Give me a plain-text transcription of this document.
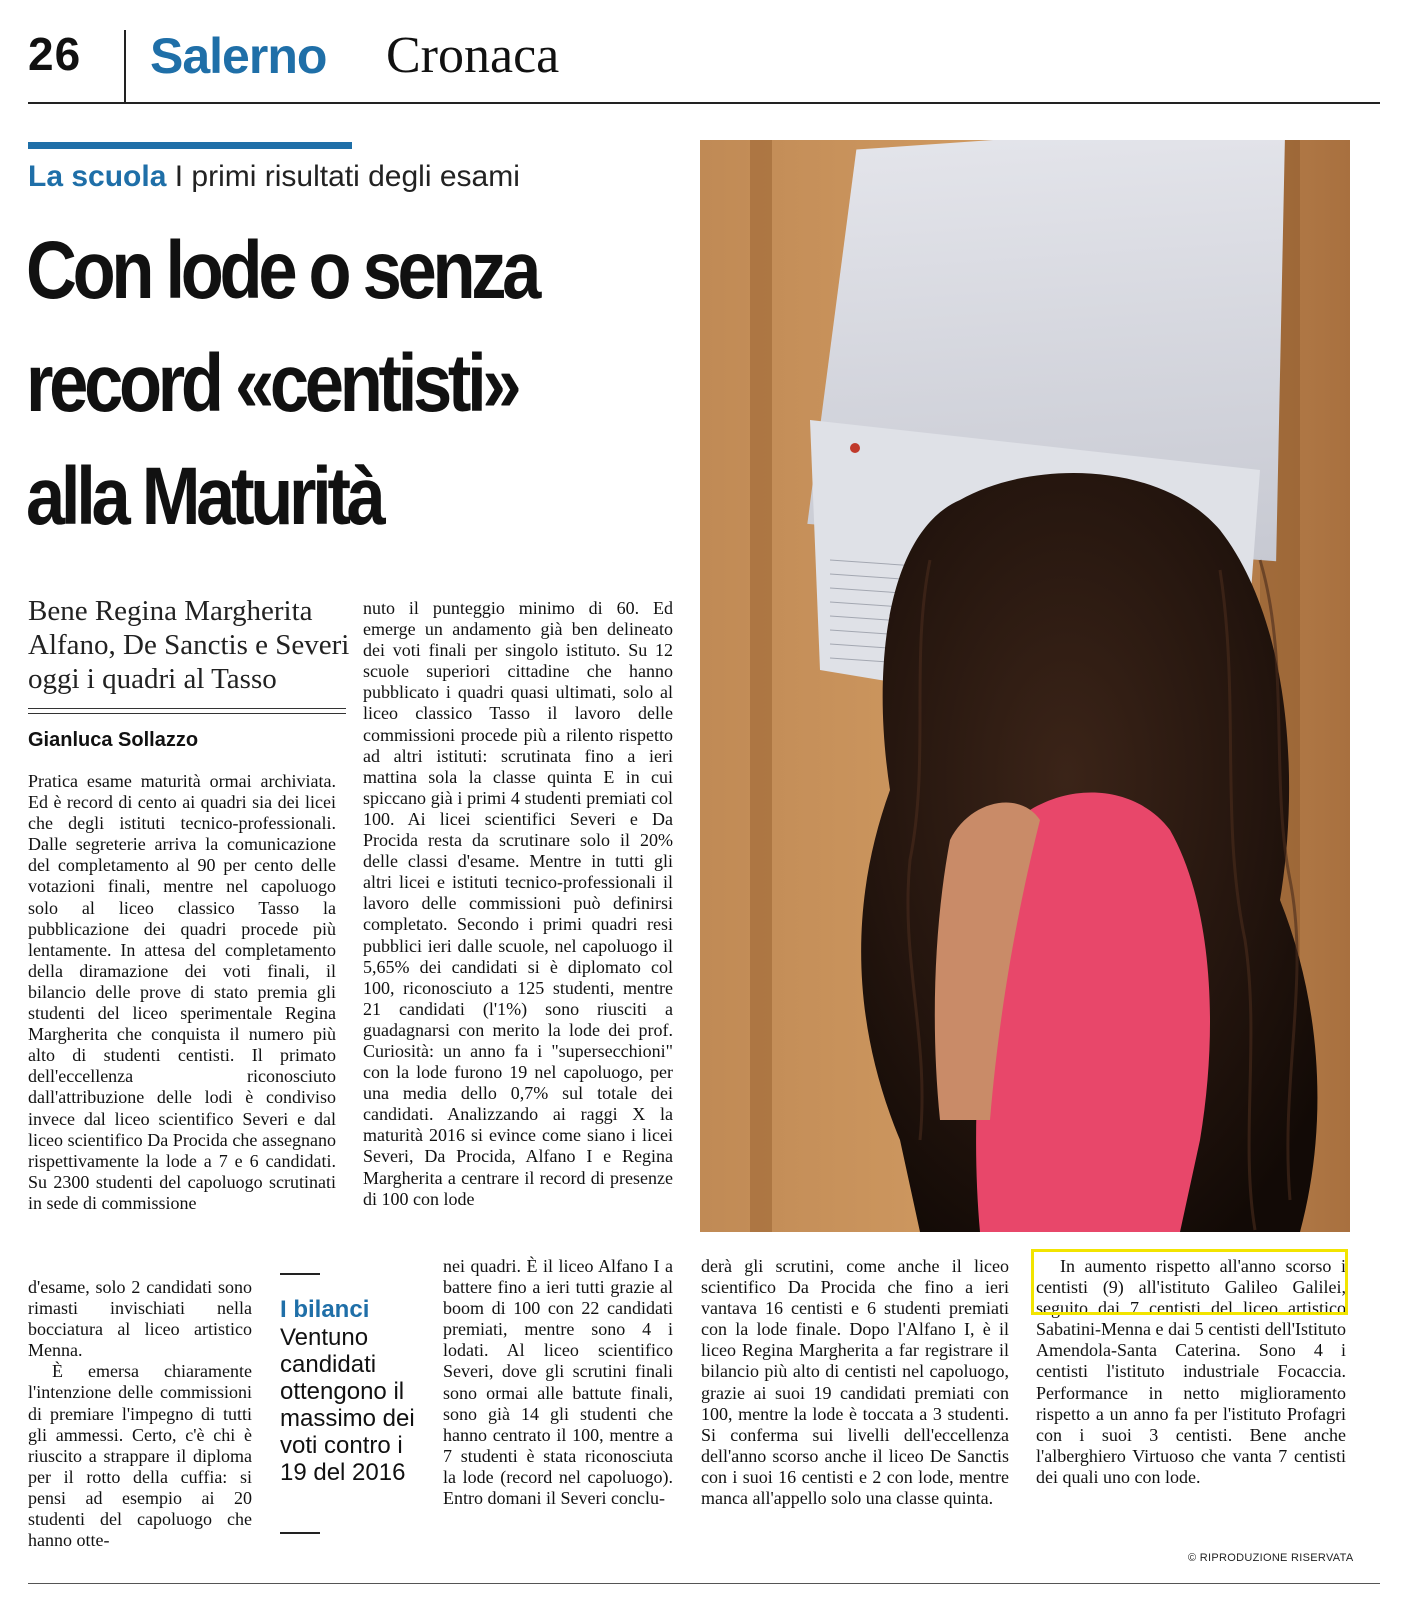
26 Salerno Cronaca
La scuola I primi risultati degli esami
Con lode o senza
record «centisti»
alla Maturità
Bene Regina Margherita
Alfano, De Sanctis e Severi
oggi i quadri al Tasso
Gianluca Sollazzo

Pratica esame maturità ormai archiviata. Ed è record di cento ai quadri sia dei licei che degli istituti tecnico-professionali. Dalle segreterie arriva la comunicazione del completamento al 90 per cento delle votazioni finali, mentre nel capoluogo solo al liceo classico Tasso la pubblicazione dei quadri procede più lentamente. In attesa del completamento della diramazione dei voti finali, il bilancio delle prove di stato premia gli studenti del liceo sperimentale Regina Margherita che conquista il numero più alto di studenti centisti. Il primato dell'eccellenza riconosciuto dall'attribuzione delle lodi è condiviso invece dal liceo scientifico Severi e dal liceo scientifico Da Procida che assegnano rispettivamente la lode a 7 e 6 candidati. Su 2300 studenti del capoluogo scrutinati in sede di commissione

d'esame, solo 2 candidati sono rimasti invischiati nella bocciatura al liceo artistico Menna.

È emersa chiaramente l'intenzione delle commissioni di premiare l'impegno di tutti gli ammessi. Certo, c'è chi è riuscito a strappare il diploma per il rotto della cuffia: si pensi ad esempio ai 20 studenti del capoluogo che hanno otte-

I bilanci
Ventuno candidati ottengono il massimo dei voti contro i 19 del 2016

nuto il punteggio minimo di 60. Ed emerge un andamento già ben delineato dei voti finali per singolo istituto. Su 12 scuole superiori cittadine che hanno pubblicato i quadri quasi ultimati, solo al liceo classico Tasso il lavoro delle commissioni procede più a rilento rispetto ad altri istituti: scrutinata fino a ieri mattina sola la classe quinta E in cui spiccano già i primi 4 studenti premiati col 100. Ai licei scientifici Severi e Da Procida resta da scrutinare solo il 20% delle classi d'esame. Mentre in tutti gli altri licei e istituti tecnico-professionali il lavoro delle commissioni può definirsi completato. Secondo i primi quadri resi pubblici ieri dalle scuole, nel capoluogo il 5,65% dei candidati si è diplomato col 100, riconosciuto a 125 studenti, mentre 21 candidati (l'1%) sono riusciti a guadagnarsi con merito la lode dei prof. Curiosità: un anno fa i "supersecchioni" con la lode furono 19 nel capoluogo, per una media dello 0,7% sul totale dei candidati. Analizzando ai raggi X la maturità 2016 si evince come siano i licei Severi, Da Procida, Alfano I e Regina Margherita a centrare il record di presenze di 100 con lode

nei quadri. È il liceo Alfano I a battere fino a ieri tutti grazie al boom di 100 con 22 candidati premiati, mentre sono 4 i lodati. Al liceo scientifico Severi, dove gli scrutini finali sono ormai alle battute finali, sono già 14 gli studenti che hanno centrato il 100, mentre a 7 studenti è stata riconosciuta la lode (record nel capoluogo). Entro domani il Severi conclu-

derà gli scrutini, come anche il liceo scientifico Da Procida che fino a ieri vantava 16 centisti e 6 studenti premiati con la lode finale. Dopo l'Alfano I, è il liceo Regina Margherita a far registrare il bilancio più alto di centisti nel capoluogo, grazie ai suoi 19 candidati premiati con 100, mentre la lode è toccata a 3 studenti. Si conferma sui livelli dell'eccellenza dell'anno scorso anche il liceo De Sanctis con i suoi 16 centisti e 2 con lode, mentre manca all'appello solo una classe quinta.

In aumento rispetto all'anno scorso i centisti (9) all'istituto Galileo Galilei, seguito dai 7 centisti del liceo artistico Sabatini-Menna e dai 5 centisti dell'Istituto Amendola-Santa Caterina. Sono 4 i centisti l'istituto industriale Focaccia. Performance in netto miglioramento rispetto a un anno fa per l'istituto Profagri con i suoi 3 centisti. Bene anche l'alberghiero Virtuoso che vanta 7 centisti dei quali uno con lode.

© RIPRODUZIONE RISERVATA
